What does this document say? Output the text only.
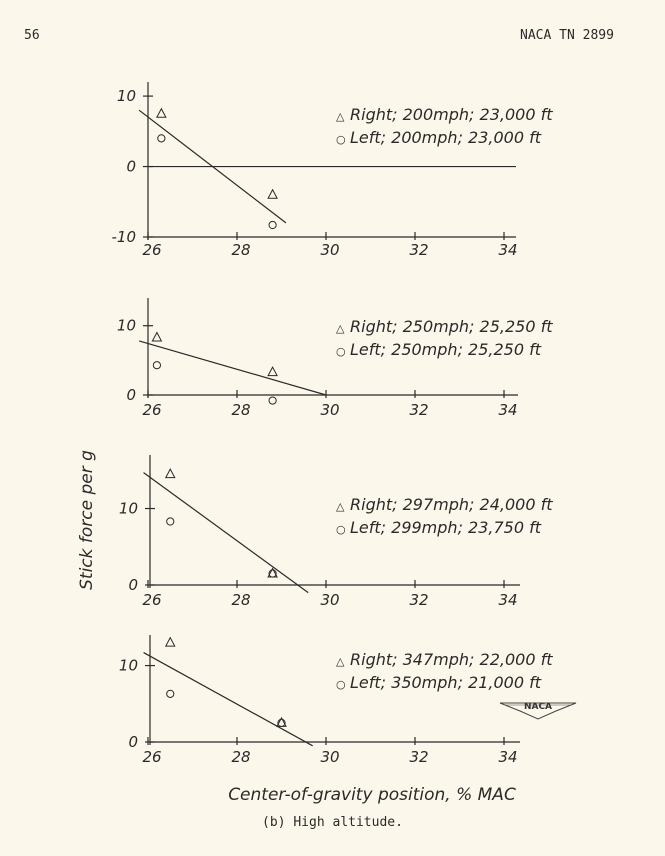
56	NACA TN 2899
10
0
-10
26	28	30	32	34
△ Right; 200mph; 23,000 ft
○ Left; 200mph; 23,000 ft
10
0
26	28	30	32	34
△ Right; 250mph; 25,250 ft
○ Left; 250mph; 25,250 ft
10
0
26	28	30	32	34
△ Right; 297mph; 24,000 ft
○ Left; 299mph; 23,750 ft
10
0
26	28	30	32	34
△ Right; 347mph; 22,000 ft
○ Left; 350mph; 21,000 ft
Stick force per g
Center-of-gravity position, % MAC
NACA
(b) High altitude.
